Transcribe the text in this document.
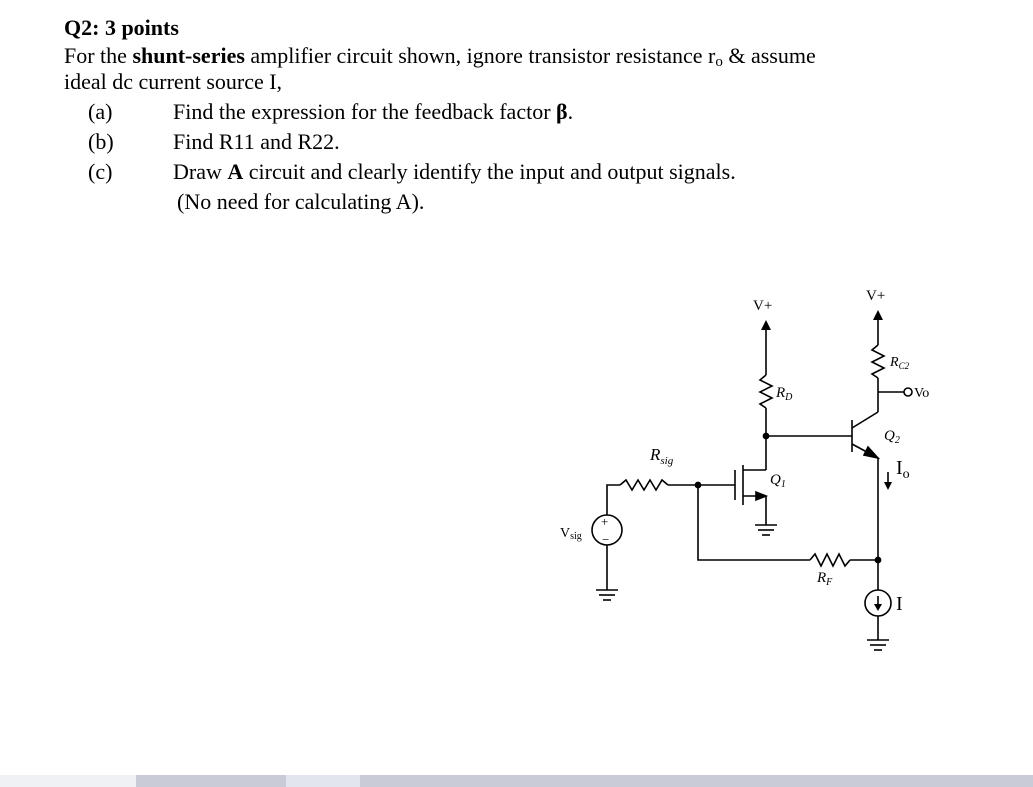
Q2: 3 points
For the shunt-series amplifier circuit shown, ignore transistor resistance $r_o$ & assume
ideal dc current source I,
(a)	Find the expression for the feedback factor β.
(b)	Find R11 and R22.
(c)	Draw A circuit and clearly identify the input and output signals.
(No need for calculating A).
+
−
Vsig
$R_{sig}$
$Q_1$
V+
$R_D$
$Q_2$
V+
$R_{C2}$
Vo
$I_o$
$R_F$
I
